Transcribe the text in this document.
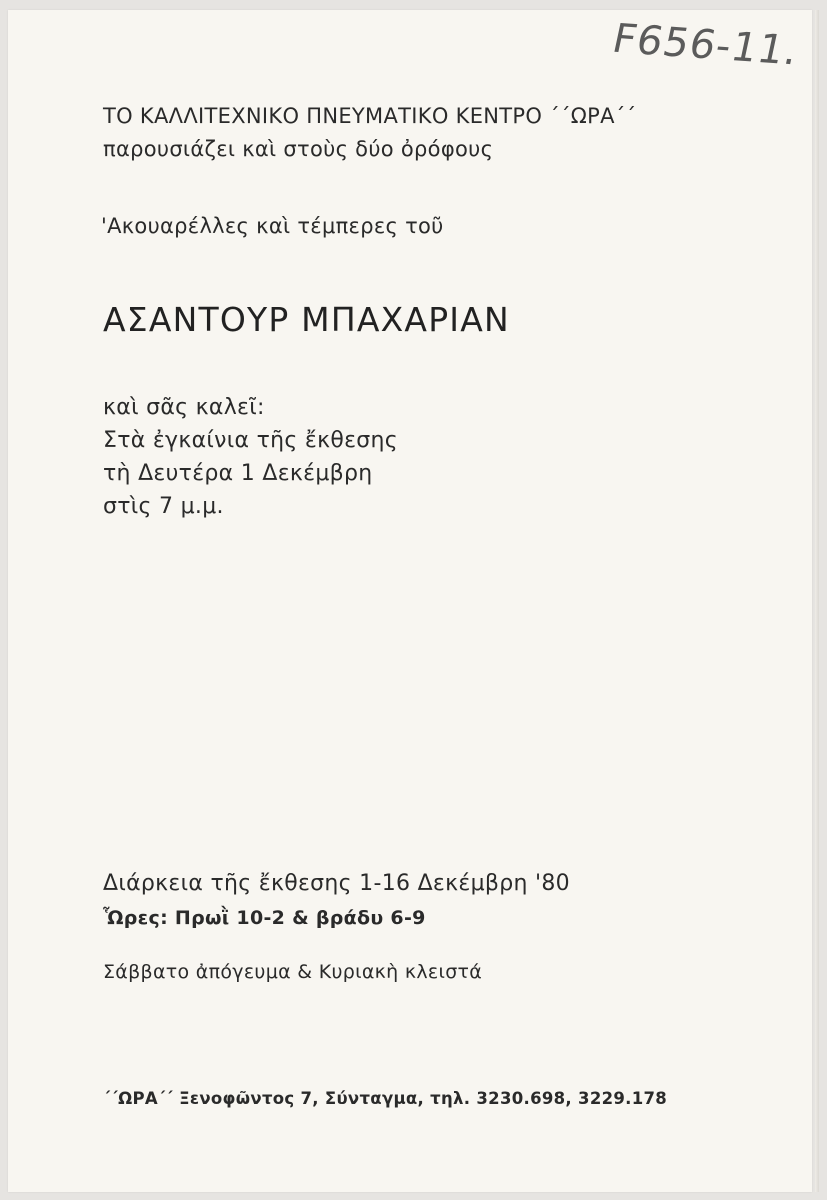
F656-11.
ΤΟ ΚΑΛΛΙΤΕΧΝΙΚΟ ΠΝΕΥΜΑΤΙΚΟ ΚΕΝΤΡΟ ΄΄ΩΡΑ΄΄
παρουσιάζει καὶ στοὺς δύο ὀρόφους
'Ακουαρέλλες καὶ τέμπερες τοῦ
ΑΣΑΝΤΟΥΡ ΜΠΑΧΑΡΙΑΝ
καὶ σᾶς καλεῖ:
Στὰ ἐγκαίνια τῆς ἔκθεσης
τὴ Δευτέρα 1 Δεκέμβρη
στὶς 7 μ.μ.
Διάρκεια τῆς ἔκθεσης 1-16 Δεκέμβρη '80
Ὧρες: Πρωῒ 10-2 & βράδυ 6-9
Σάββατο ἀπόγευμα & Κυριακὴ κλειστά
΄΄ΩΡΑ΄΄ Ξενοφῶντος 7, Σύνταγμα, τηλ. 3230.698, 3229.178
